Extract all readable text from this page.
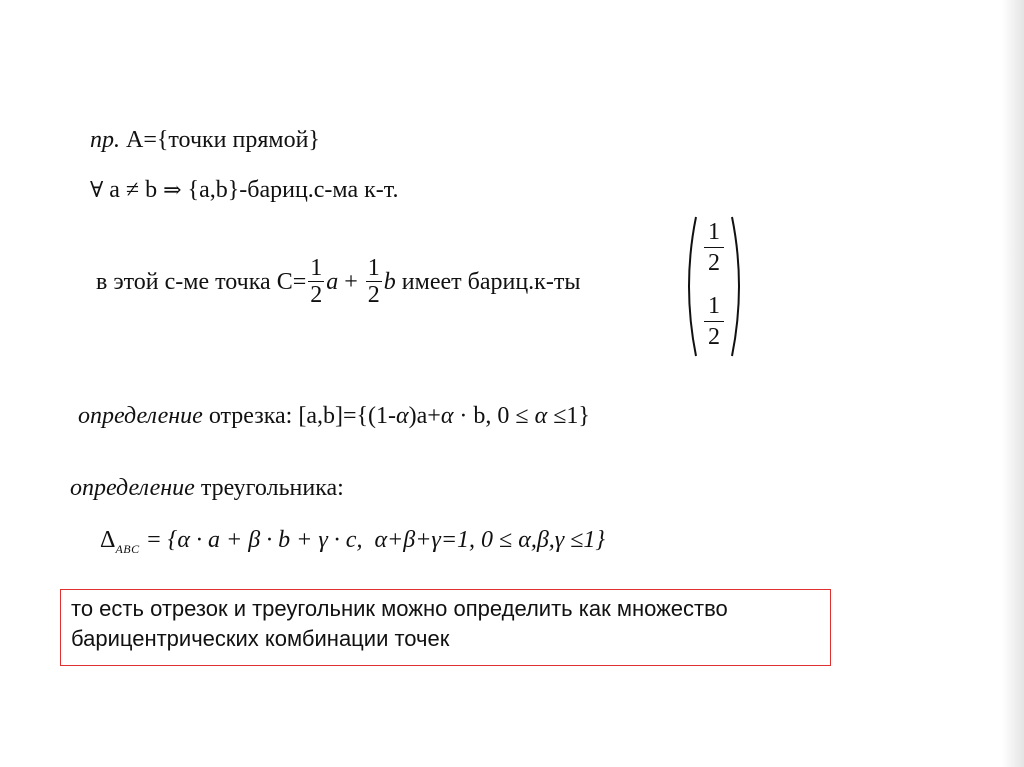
пр. A={точки прямой}
∀ a ≠ b ⇒ {a,b}-бариц.с-ма к-т.
в этой с-ме точка $C= \frac{1}{2}$ $a + \frac{1}{2}$ b имеет бариц.к-ты
1
2
1
2
определение отрезка: [a,b]={(1-α)a+α · b, 0 ≤ α ≤1}
определение треугольника:
$\Delta_{ABC} = \{\alpha \cdot a + \beta \cdot b + \gamma \cdot c$,  α+β+γ=1, 0 ≤ α,β,γ ≤1}
то есть отрезок и треугольник можно определить как множество
барицентрических комбинации точек
